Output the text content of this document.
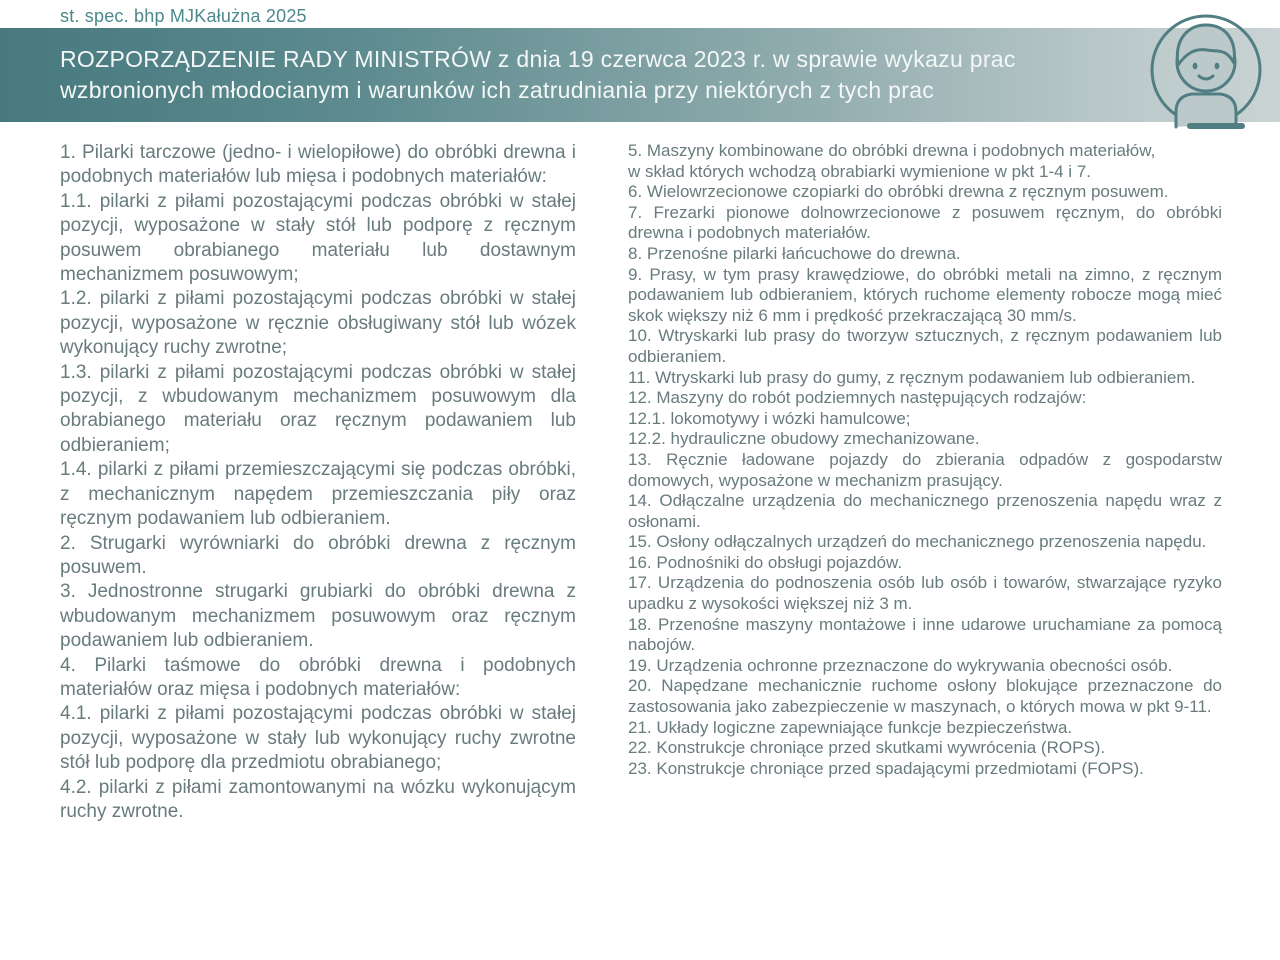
st. spec. bhp MJKałużna 2025
ROZPORZĄDZENIE RADY MINISTRÓW z dnia 19 czerwca 2023 r. w sprawie wykazu prac
wzbronionych młodocianym i warunków ich zatrudniania przy niektórych z tych prac

1. Pilarki tarczowe (jedno- i wielopiłowe) do obróbki drewna i podobnych materiałów lub mięsa i podobnych materiałów:

1.1. pilarki z piłami pozostającymi podczas obróbki w stałej pozycji, wyposażone w stały stół lub podporę z ręcznym posuwem obrabianego materiału lub dostawnym mechanizmem posuwowym;

1.2. pilarki z piłami pozostającymi podczas obróbki w stałej pozycji, wyposażone w ręcznie obsługiwany stół lub wózek wykonujący ruchy zwrotne;

1.3. pilarki z piłami pozostającymi podczas obróbki w stałej pozycji, z wbudowanym mechanizmem posuwowym dla obrabianego materiału oraz ręcznym podawaniem lub odbieraniem;

1.4. pilarki z piłami przemieszczającymi się podczas obróbki, z mechanicznym napędem przemieszczania piły oraz ręcznym podawaniem lub odbieraniem.

2. Strugarki wyrówniarki do obróbki drewna z ręcznym posuwem.

3. Jednostronne strugarki grubiarki do obróbki drewna z wbudowanym mechanizmem posuwowym oraz ręcznym podawaniem lub odbieraniem.

4. Pilarki taśmowe do obróbki drewna i podobnych materiałów oraz mięsa i podobnych materiałów:

4.1. pilarki z piłami pozostającymi podczas obróbki w stałej pozycji, wyposażone w stały lub wykonujący ruchy zwrotne stół lub podporę dla przedmiotu obrabianego;

4.2. pilarki z piłami zamontowanymi na wózku wykonującym ruchy zwrotne.

5. Maszyny kombinowane do obróbki drewna i podobnych materiałów,

w skład których wchodzą obrabiarki wymienione w pkt 1-4 i 7.

6. Wielowrzecionowe czopiarki do obróbki drewna z ręcznym posuwem.

7. Frezarki pionowe dolnowrzecionowe z posuwem ręcznym, do obróbki drewna i podobnych materiałów.

8. Przenośne pilarki łańcuchowe do drewna.

9. Prasy, w tym prasy krawędziowe, do obróbki metali na zimno, z ręcznym podawaniem lub odbieraniem, których ruchome elementy robocze mogą mieć skok większy niż 6 mm i prędkość przekraczającą 30 mm/s.

10. Wtryskarki lub prasy do tworzyw sztucznych, z ręcznym podawaniem lub odbieraniem.

11. Wtryskarki lub prasy do gumy, z ręcznym podawaniem lub odbieraniem.

12. Maszyny do robót podziemnych następujących rodzajów:

12.1. lokomotywy i wózki hamulcowe;

12.2. hydrauliczne obudowy zmechanizowane.

13. Ręcznie ładowane pojazdy do zbierania odpadów z gospodarstw domowych, wyposażone w mechanizm prasujący.

14. Odłączalne urządzenia do mechanicznego przenoszenia napędu wraz z osłonami.

15. Osłony odłączalnych urządzeń do mechanicznego przenoszenia napędu.

16. Podnośniki do obsługi pojazdów.

17. Urządzenia do podnoszenia osób lub osób i towarów, stwarzające ryzyko upadku z wysokości większej niż 3 m.

18. Przenośne maszyny montażowe i inne udarowe uruchamiane za pomocą nabojów.

19. Urządzenia ochronne przeznaczone do wykrywania obecności osób.

20. Napędzane mechanicznie ruchome osłony blokujące przeznaczone do zastosowania jako zabezpieczenie w maszynach, o których mowa w pkt 9-11.

21. Układy logiczne zapewniające funkcje bezpieczeństwa.

22. Konstrukcje chroniące przed skutkami wywrócenia (ROPS).

23. Konstrukcje chroniące przed spadającymi przedmiotami (FOPS).
